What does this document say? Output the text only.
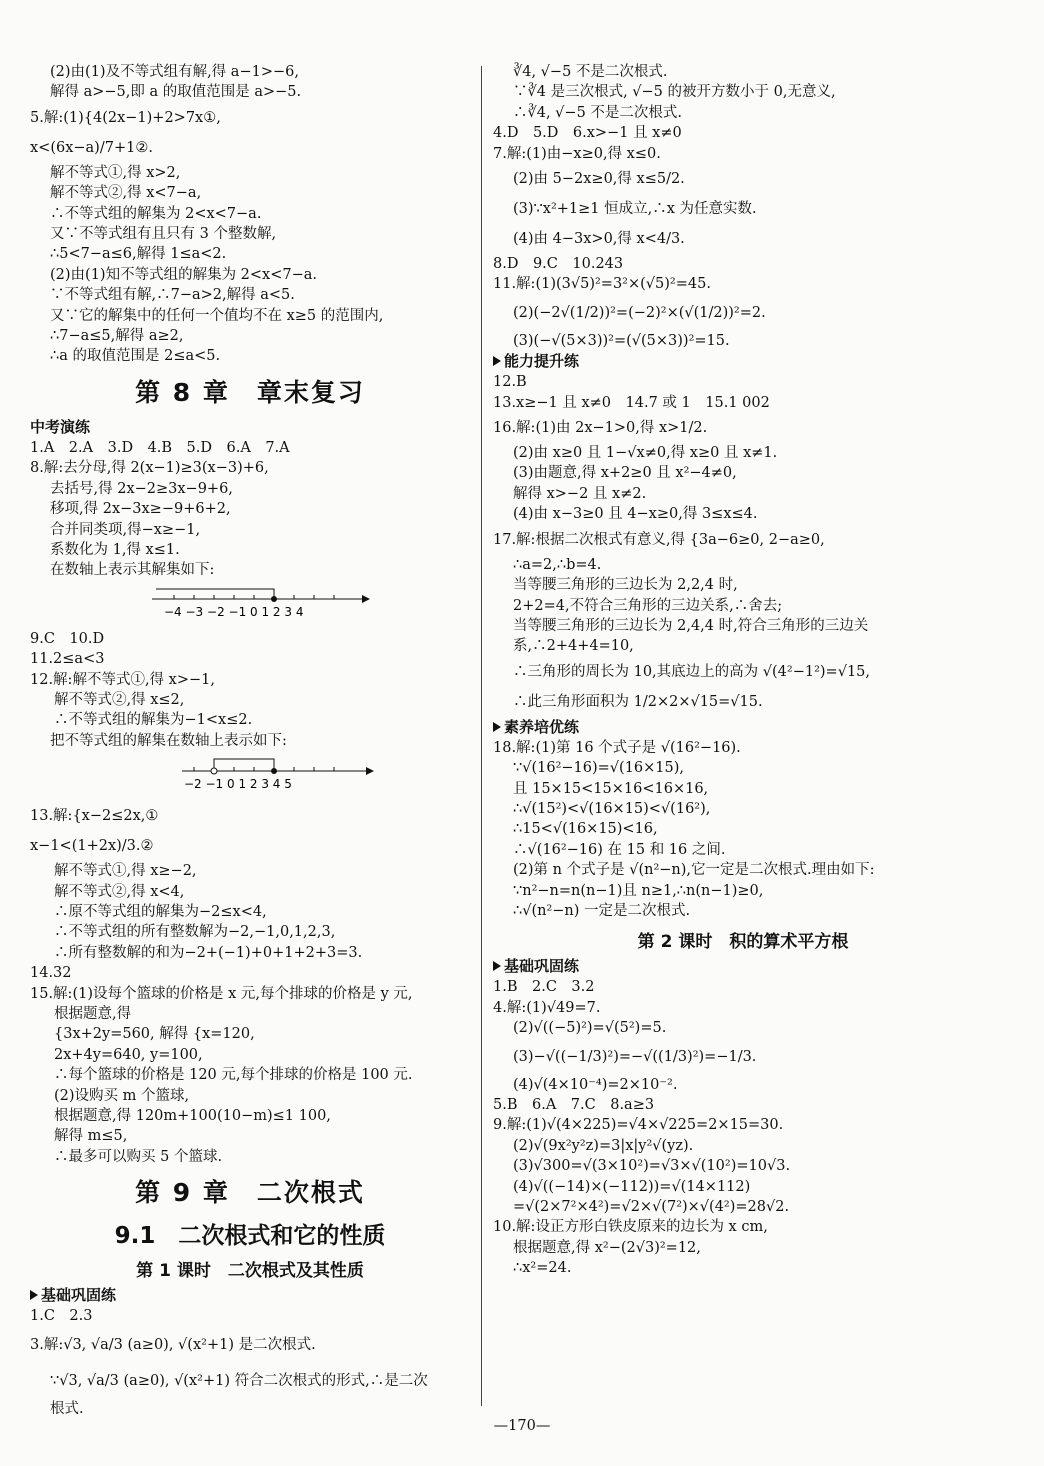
(2)由(1)及不等式组有解,得 a−1>−6,
解得 a>−5,即 a 的取值范围是 a>−5.
5.解:(1){4(2x−1)+2>7x①,
x<(6x−a)/7+1②.
解不等式①,得 x>2,
解不等式②,得 x<7−a,
∴不等式组的解集为 2<x<7−a.
又∵不等式组有且只有 3 个整数解,
∴5<7−a≤6,解得 1≤a<2.
(2)由(1)知不等式组的解集为 2<x<7−a.
∵不等式组有解,∴7−a>2,解得 a<5.
又∵它的解集中的任何一个值均不在 x≥5 的范围内,
∴7−a≤5,解得 a≥2,
∴a 的取值范围是 2≤a<5.
第 8 章　章末复习
中考演练
1.A　2.A　3.D　4.B　5.D　6.A　7.A
8.解:去分母,得 2(x−1)≥3(x−3)+6,
去括号,得 2x−2≥3x−9+6,
移项,得 2x−3x≥−9+6+2,
合并同类项,得−x≥−1,
系数化为 1,得 x≤1.
在数轴上表示其解集如下:
−4 −3 −2 −1 0 1 2 3 4
9.C　10.D
11.2≤a<3
12.解:解不等式①,得 x>−1,
解不等式②,得 x≤2,
∴不等式组的解集为−1<x≤2.
把不等式组的解集在数轴上表示如下:
−2 −1 0 1 2 3 4 5
13.解:{x−2≤2x,①
x−1<(1+2x)/3.②
解不等式①,得 x≥−2,
解不等式②,得 x<4,
∴原不等式组的解集为−2≤x<4,
∴不等式组的所有整数解为−2,−1,0,1,2,3,
∴所有整数解的和为−2+(−1)+0+1+2+3=3.
14.32
15.解:(1)设每个篮球的价格是 x 元,每个排球的价格是 y 元,
根据题意,得
{3x+2y=560, 解得 {x=120,
2x+4y=640, y=100,
∴每个篮球的价格是 120 元,每个排球的价格是 100 元.
(2)设购买 m 个篮球,
根据题意,得 120m+100(10−m)≤1 100,
解得 m≤5,
∴最多可以购买 5 个篮球.
第 9 章　二次根式
9.1　二次根式和它的性质
第 1 课时　二次根式及其性质
基础巩固练
1.C　2.3
3.解:√3, √a/3 (a≥0), √(x²+1) 是二次根式.
∵√3, √a/3 (a≥0), √(x²+1) 符合二次根式的形式,∴是二次
根式.
∛4, √−5 不是二次根式.
∵∛4 是三次根式, √−5 的被开方数小于 0,无意义,
∴∛4, √−5 不是二次根式.
4.D　5.D　6.x>−1 且 x≠0
7.解:(1)由−x≥0,得 x≤0.
(2)由 5−2x≥0,得 x≤5/2.
(3)∵x²+1≥1 恒成立,∴x 为任意实数.
(4)由 4−3x>0,得 x<4/3.
8.D　9.C　10.243
11.解:(1)(3√5)²=3²×(√5)²=45.
(2)(−2√(1/2))²=(−2)²×(√(1/2))²=2.
(3)(−√(5×3))²=(√(5×3))²=15.
能力提升练
12.B
13.x≥−1 且 x≠0　14.7 或 1　15.1 002
16.解:(1)由 2x−1>0,得 x>1/2.
(2)由 x≥0 且 1−√x≠0,得 x≥0 且 x≠1.
(3)由题意,得 x+2≥0 且 x²−4≠0,
解得 x>−2 且 x≠2.
(4)由 x−3≥0 且 4−x≥0,得 3≤x≤4.
17.解:根据二次根式有意义,得 {3a−6≥0, 2−a≥0,
∴a=2,∴b=4.
当等腰三角形的三边长为 2,2,4 时,
2+2=4,不符合三角形的三边关系,∴舍去;
当等腰三角形的三边长为 2,4,4 时,符合三角形的三边关
系,∴2+4+4=10,
∴三角形的周长为 10,其底边上的高为 √(4²−1²)=√15,
∴此三角形面积为 1/2×2×√15=√15.
素养培优练
18.解:(1)第 16 个式子是 √(16²−16).
∵√(16²−16)=√(16×15),
且 15×15<15×16<16×16,
∴√(15²)<√(16×15)<√(16²),
∴15<√(16×15)<16,
∴√(16²−16) 在 15 和 16 之间.
(2)第 n 个式子是 √(n²−n),它一定是二次根式.理由如下:
∵n²−n=n(n−1)且 n≥1,∴n(n−1)≥0,
∴√(n²−n) 一定是二次根式.
第 2 课时　积的算术平方根
基础巩固练
1.B　2.C　3.2
4.解:(1)√49=7.
(2)√((−5)²)=√(5²)=5.
(3)−√((−1/3)²)=−√((1/3)²)=−1/3.
(4)√(4×10⁻⁴)=2×10⁻².
5.B　6.A　7.C　8.a≥3
9.解:(1)√(4×225)=√4×√225=2×15=30.
(2)√(9x²y²z)=3|x|y²√(yz).
(3)√300=√(3×10²)=√3×√(10²)=10√3.
(4)√((−14)×(−112))=√(14×112)
=√(2×7²×4²)=√2×√(7²)×√(4²)=28√2.
10.解:设正方形白铁皮原来的边长为 x cm,
根据题意,得 x²−(2√3)²=12,
∴x²=24.
—170—
